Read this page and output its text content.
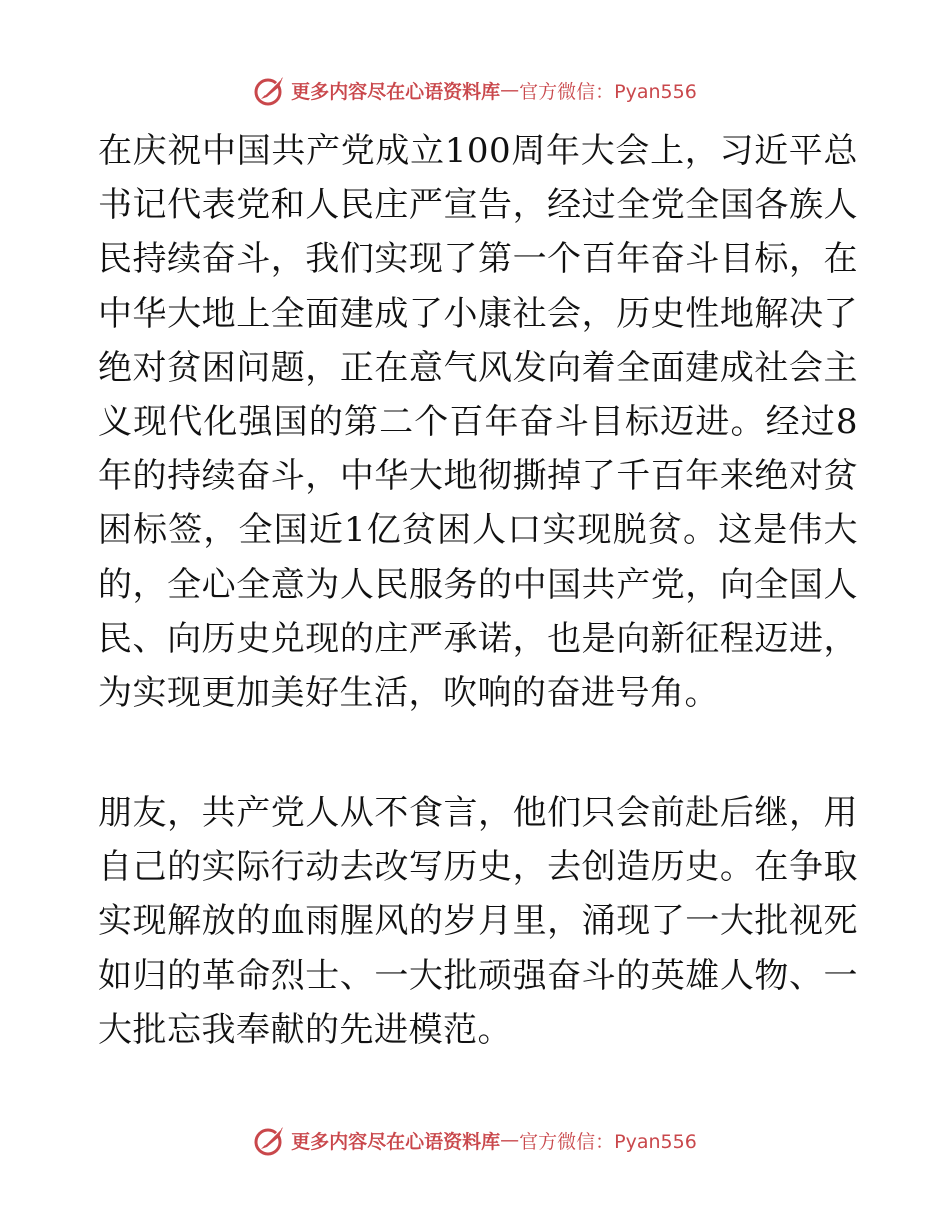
更多内容尽在心语资料库 — 官方微信：Pyan556

在庆祝中国共产党成立100周年大会上，习近平总书记代表党和人民庄严宣告，经过全党全国各族人民持续奋斗，我们实现了第一个百年奋斗目标，在中华大地上全面建成了小康社会，历史性地解决了绝对贫困问题，正在意气风发向着全面建成社会主义现代化强国的第二个百年奋斗目标迈进。经过8年的持续奋斗，中华大地彻撕掉了千百年来绝对贫困标签，全国近1亿贫困人口实现脱贫。这是伟大的，全心全意为人民服务的中国共产党，向全国人民、向历史兑现的庄严承诺，也是向新征程迈进，为实现更加美好生活，吹响的奋进号角。

朋友，共产党人从不食言，他们只会前赴后继，用自己的实际行动去改写历史，去创造历史。在争取实现解放的血雨腥风的岁月里，涌现了一大批视死如归的革命烈士、一大批顽强奋斗的英雄人物、一大批忘我奉献的先进模范。

更多内容尽在心语资料库 — 官方微信：Pyan556
